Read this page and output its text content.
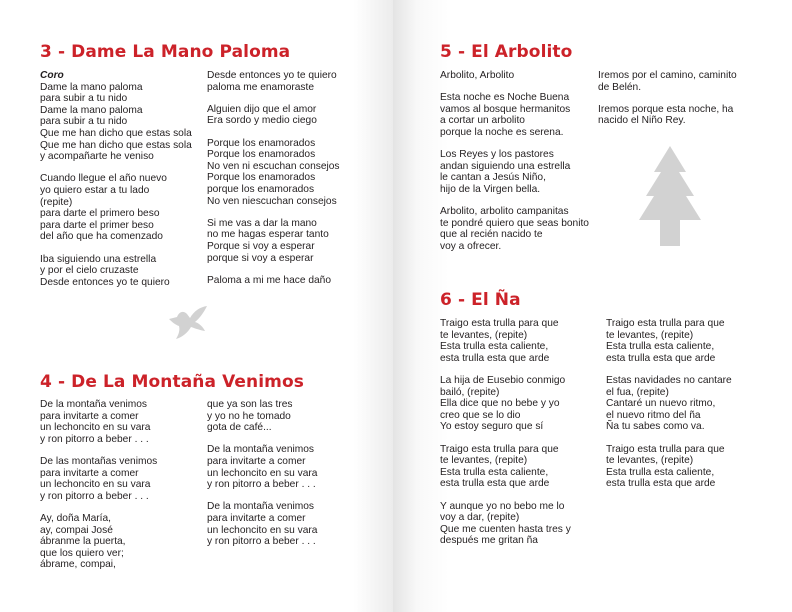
3 - Dame La Mano Paloma
Coro
Dame la mano paloma
para subir a tu nido
Dame la mano paloma
para subir a tu nido
Que me han dicho que estas sola
Que me han dicho que estas sola
y acompañarte he veniso
Cuando llegue el año nuevo
yo quiero estar a tu lado
(repite)
para darte el primero beso
para darte el primer beso
del año que ha comenzado
Iba siguiendo una estrella
y por el cielo cruzaste
Desde entonces yo te quiero
Desde entonces yo te quiero
paloma me enamoraste
Alguien dijo que el amor
Era sordo y medio ciego
Porque los enamorados
Porque los enamorados
No ven ni escuchan consejos
Porque los enamorados
porque los enamorados
No ven niescuchan consejos
Si me vas a dar la mano
no me hagas esperar tanto
Porque si voy a esperar
porque si voy a esperar
Paloma a mi me hace daño
4 - De La Montaña Venimos
De la montaña venimos
para invitarte a comer
un lechoncito en su vara
y ron pitorro a beber . . .
De las montañas venimos
para invitarte a comer
un lechoncito en su vara
y ron pitorro a beber . . .
Ay, doña María,
ay, compai José
ábranme la puerta,
que los quiero ver;
ábrame, compai,
que ya son las tres
y yo no he tomado
gota de café...
De la montaña venimos
para invitarte a comer
un lechoncito en su vara
y ron pitorro a beber . . .
De la montaña venimos
para invitarte a comer
un lechoncito en su vara
y ron pitorro a beber . . .
5 - El Arbolito
Arbolito, Arbolito
Esta noche es Noche Buena
vamos al bosque hermanitos
a cortar un arbolito
porque la noche es serena.
Los Reyes y los pastores
andan siguiendo una estrella
le cantan a Jesús Niño,
hijo de la Virgen bella.
Arbolito, arbolito campanitas
te pondré quiero que seas bonito
que al recién nacido te
voy a ofrecer.
Iremos por el camino, caminito
de Belén.
Iremos porque esta noche, ha
nacido el Niño Rey.
6 - El Ña
Traigo esta trulla para que
te levantes, (repite)
Esta trulla esta caliente,
esta trulla esta que arde
La hija de Eusebio conmigo
bailó, (repite)
Ella dice que no bebe y yo
creo que se lo dio
Yo estoy seguro que sí
Traigo esta trulla para que
te levantes, (repite)
Esta trulla esta caliente,
esta trulla esta que arde
Y aunque yo no bebo me lo
voy a dar, (repite)
Que me cuenten hasta tres y
después me gritan ña
Traigo esta trulla para que
te levantes, (repite)
Esta trulla esta caliente,
esta trulla esta que arde
Estas navidades no cantare
el fua, (repite)
Cantaré un nuevo ritmo,
el nuevo ritmo del ña
Ña tu sabes como va.
Traigo esta trulla para que
te levantes, (repite)
Esta trulla esta caliente,
esta trulla esta que arde
